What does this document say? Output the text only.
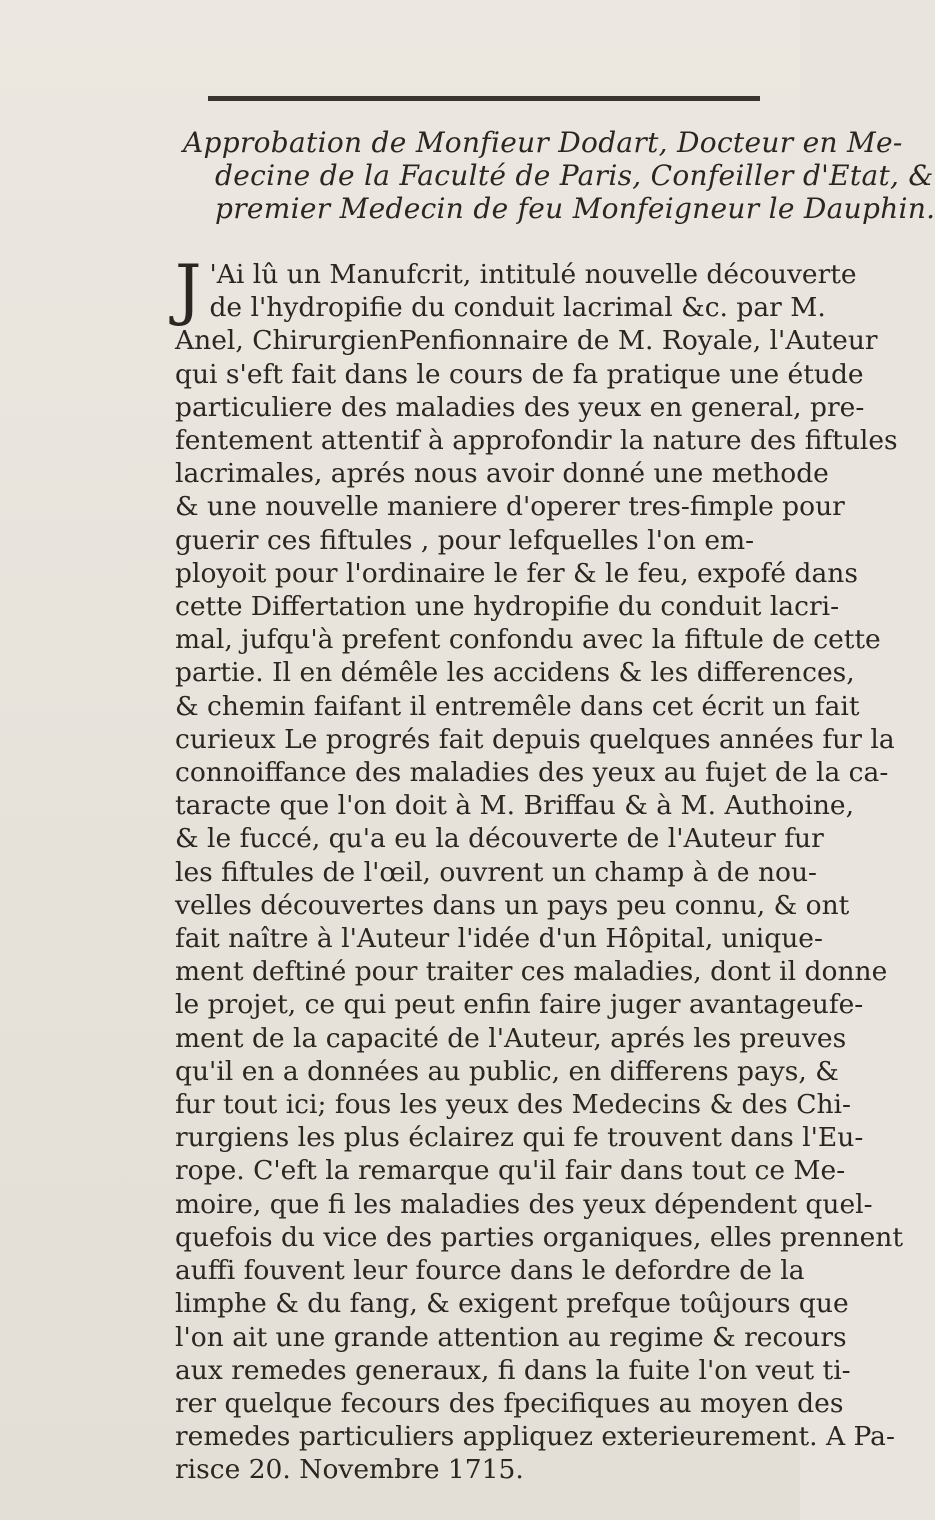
Approbation de Monfieur Dodart, Docteur en Me-
decine de la Faculté de Paris, Confeiller d'Etat, &
premier Medecin de feu Monfeigneur le Dauphin.
J 'Ai lû un Manufcrit, intitulé nouvelle découverte
de l'hydropifie du conduit lacrimal &c. par M.
Anel, ChirurgienPenfionnaire de M. Royale, l'Auteur
qui s'eft fait dans le cours de fa pratique une étude
particuliere des maladies des yeux en general, pre-
fentement attentif à approfondir la nature des fiftules
lacrimales, aprés nous avoir donné une methode
& une nouvelle maniere d'operer tres-fimple pour
guerir ces fiftules , pour lefquelles l'on em-
ployoit pour l'ordinaire le fer & le feu, expofé dans
cette Differtation une hydropifie du conduit lacri-
mal, jufqu'à prefent confondu avec la fiftule de cette
partie. Il en démêle les accidens & les differences,
& chemin faifant il entremêle dans cet écrit un fait
curieux Le progrés fait depuis quelques années fur la
connoiffance des maladies des yeux au fujet de la ca-
taracte que l'on doit à M. Briffau & à M. Authoine,
& le fuccé, qu'a eu la découverte de l'Auteur fur
les fiftules de l'œil, ouvrent un champ à de nou-
velles découvertes dans un pays peu connu, & ont
fait naître à l'Auteur l'idée d'un Hôpital, unique-
ment deftiné pour traiter ces maladies, dont il donne
le projet, ce qui peut enfin faire juger avantageufe-
ment de la capacité de l'Auteur, aprés les preuves
qu'il en a données au public, en differens pays, &
fur tout ici; fous les yeux des Medecins & des Chi-
rurgiens les plus éclairez qui fe trouvent dans l'Eu-
rope. C'eft la remarque qu'il fair dans tout ce Me-
moire, que fi les maladies des yeux dépendent quel-
quefois du vice des parties organiques, elles prennent
auffi fouvent leur fource dans le defordre de la
limphe & du fang, & exigent prefque toûjours que
l'on ait une grande attention au regime & recours
aux remedes generaux, fi dans la fuite l'on veut ti-
rer quelque fecours des fpecifiques au moyen des
remedes particuliers appliquez exterieurement. A Pa-
risce 20. Novembre 1715.
